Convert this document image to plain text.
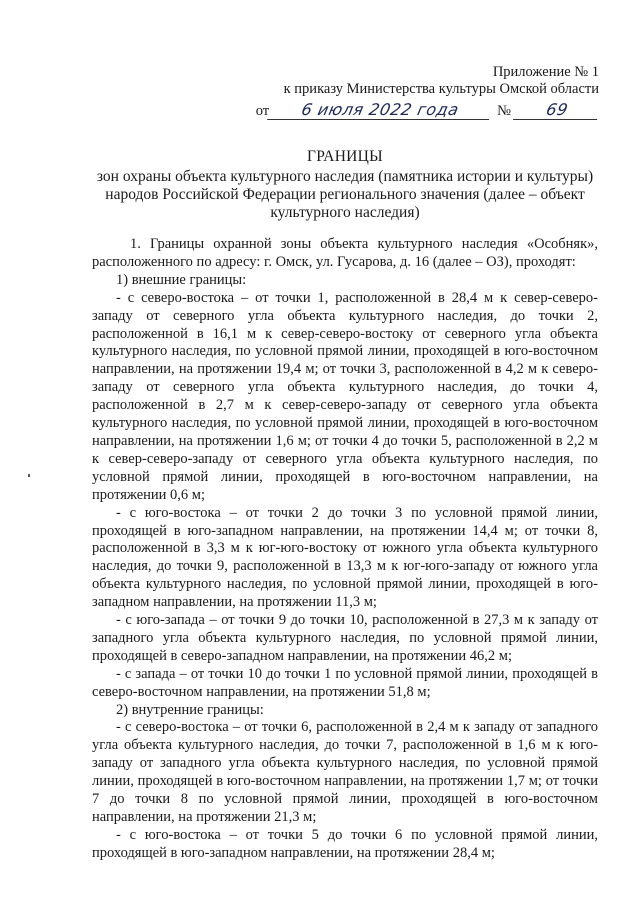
Приложение № 1
к приказу Министерства культуры Омской области
от	6 июля 2022 года	№	69
ГРАНИЦЫ
зон охраны объекта культурного наследия (памятника истории и культуры) народов Российской Федерации регионального значения (далее – объект культурного наследия)

1. Границы охранной зоны объекта культурного наследия «Особняк», расположенного по адресу: г. Омск, ул. Гусарова, д. 16 (далее – ОЗ), проходят:

1) внешние границы:

- с северо-востока – от точки 1, расположенной в 28,4 м к север-северо-западу от северного угла объекта культурного наследия, до точки 2, расположенной в 16,1 м к север-северо-востоку от северного угла объекта культурного наследия, по условной прямой линии, проходящей в юго-восточном направлении, на протяжении 19,4 м; от точки 3, расположенной в 4,2 м к северо-западу от северного угла объекта культурного наследия, до точки 4, расположенной в 2,7 м к север-северо-западу от северного угла объекта культурного наследия, по условной прямой линии, проходящей в юго-восточном направлении, на протяжении 1,6 м; от точки 4 до точки 5, расположенной в 2,2 м к север-северо-западу от северного угла объекта культурного наследия, по условной прямой линии, проходящей в юго-восточном направлении, на протяжении 0,6 м;

- с юго-востока – от точки 2 до точки 3 по условной прямой линии, проходящей в юго-западном направлении, на протяжении 14,4 м; от точки 8, расположенной в 3,3 м к юг-юго-востоку от южного угла объекта культурного наследия, до точки 9, расположенной в 13,3 м к юг-юго-западу от южного угла объекта культурного наследия, по условной прямой линии, проходящей в юго-западном направлении, на протяжении 11,3 м;

- с юго-запада – от точки 9 до точки 10, расположенной в 27,3 м к западу от западного угла объекта культурного наследия, по условной прямой линии, проходящей в северо-западном направлении, на протяжении 46,2 м;

- с запада – от точки 10 до точки 1 по условной прямой линии, проходящей в северо-восточном направлении, на протяжении 51,8 м;

2) внутренние границы:

- с северо-востока – от точки 6, расположенной в 2,4 м к западу от западного угла объекта культурного наследия, до точки 7, расположенной в 1,6 м к юго-западу от западного угла объекта культурного наследия, по условной прямой линии, проходящей в юго-восточном направлении, на протяжении 1,7 м; от точки 7 до точки 8 по условной прямой линии, проходящей в юго-восточном направлении, на протяжении 21,3 м;

- с юго-востока – от точки 5 до точки 6 по условной прямой линии, проходящей в юго-западном направлении, на протяжении 28,4 м;
